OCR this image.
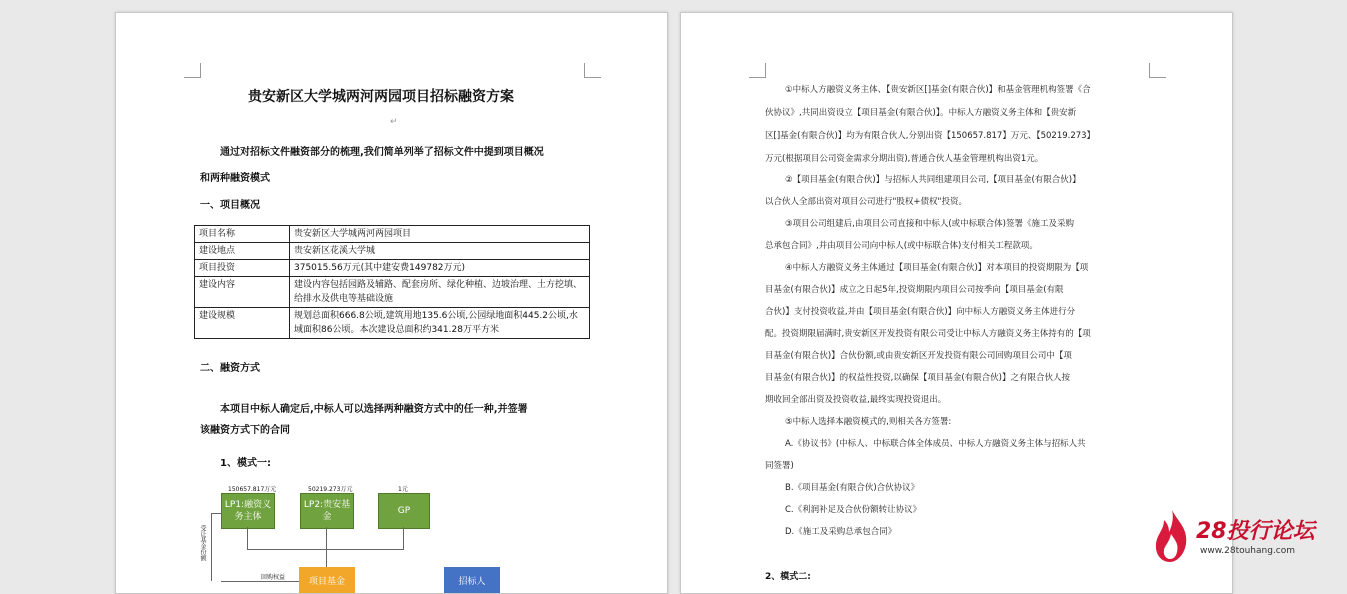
贵安新区大学城两河两园项目招标融资方案
↵
通过对招标文件融资部分的梳理,我们简单列举了招标文件中提到项目概况
和两种融资模式
一、项目概况
项目名称	贵安新区大学城两河两园项目
建设地点	贵安新区花溪大学城
项目投资	375015.56万元(其中建安费149782万元)
建设内容	建设内容包括园路及辅路、配套房所、绿化种植、边坡治理、土方挖填、给排水及供电等基础设施
建设规模	规划总面积666.8公顷,建筑用地135.6公顷,公园绿地面积445.2公顷,水域面积86公顷。本次建设总面积约341.28万平方米
二、融资方式
本项目中标人确定后,中标人可以选择两种融资方式中的任一种,并签署
该融资方式下的合同
1、模式一:
150657.817万元	50219.273万元	1元
LP1:融资义务主体
LP2:贵安基金
GP
受让基金份额
回购权益	项目基金	招标人
①中标人方融资义务主体、【贵安新区[]基金(有限合伙)】和基金管理机构签署《合
伙协议》,共同出资设立【项目基金(有限合伙)】。中标人方融资义务主体和【贵安新
区[]基金(有限合伙)】均为有限合伙人,分别出资【150657.817】万元、【50219.273】
万元(根据项目公司资金需求分期出资),普通合伙人基金管理机构出资1元。
②【项目基金(有限合伙)】与招标人共同组建项目公司,【项目基金(有限合伙)】
以合伙人全部出资对项目公司进行"股权+债权"投资。
③项目公司组建后,由项目公司直接和中标人(或中标联合体)签署《施工及采购
总承包合同》,并由项目公司向中标人(或中标联合体)支付相关工程款项。
④中标人方融资义务主体通过【项目基金(有限合伙)】对本项目的投资期限为【项
目基金(有限合伙)】成立之日起5年,投资期限内项目公司按季向【项目基金(有限
合伙)】支付投资收益,并由【项目基金(有限合伙)】向中标人方融资义务主体进行分
配。投资期限届满时,贵安新区开发投资有限公司受让中标人方融资义务主体持有的【项
目基金(有限合伙)】合伙份额,或由贵安新区开发投资有限公司回购项目公司中【项
目基金(有限合伙)】的权益性投资,以确保【项目基金(有限合伙)】之有限合伙人按
期收回全部出资及投资收益,最终实现投资退出。
⑤中标人选择本融资模式的,则相关各方签署:
A.《协议书》(中标人、中标联合体全体成员、中标人方融资义务主体与招标人共
同签署)
B.《项目基金(有限合伙)合伙协议》
C.《利润补足及合伙份额转让协议》
D.《施工及采购总承包合同》
2、模式二:
28投行论坛
www.28touhang.com
